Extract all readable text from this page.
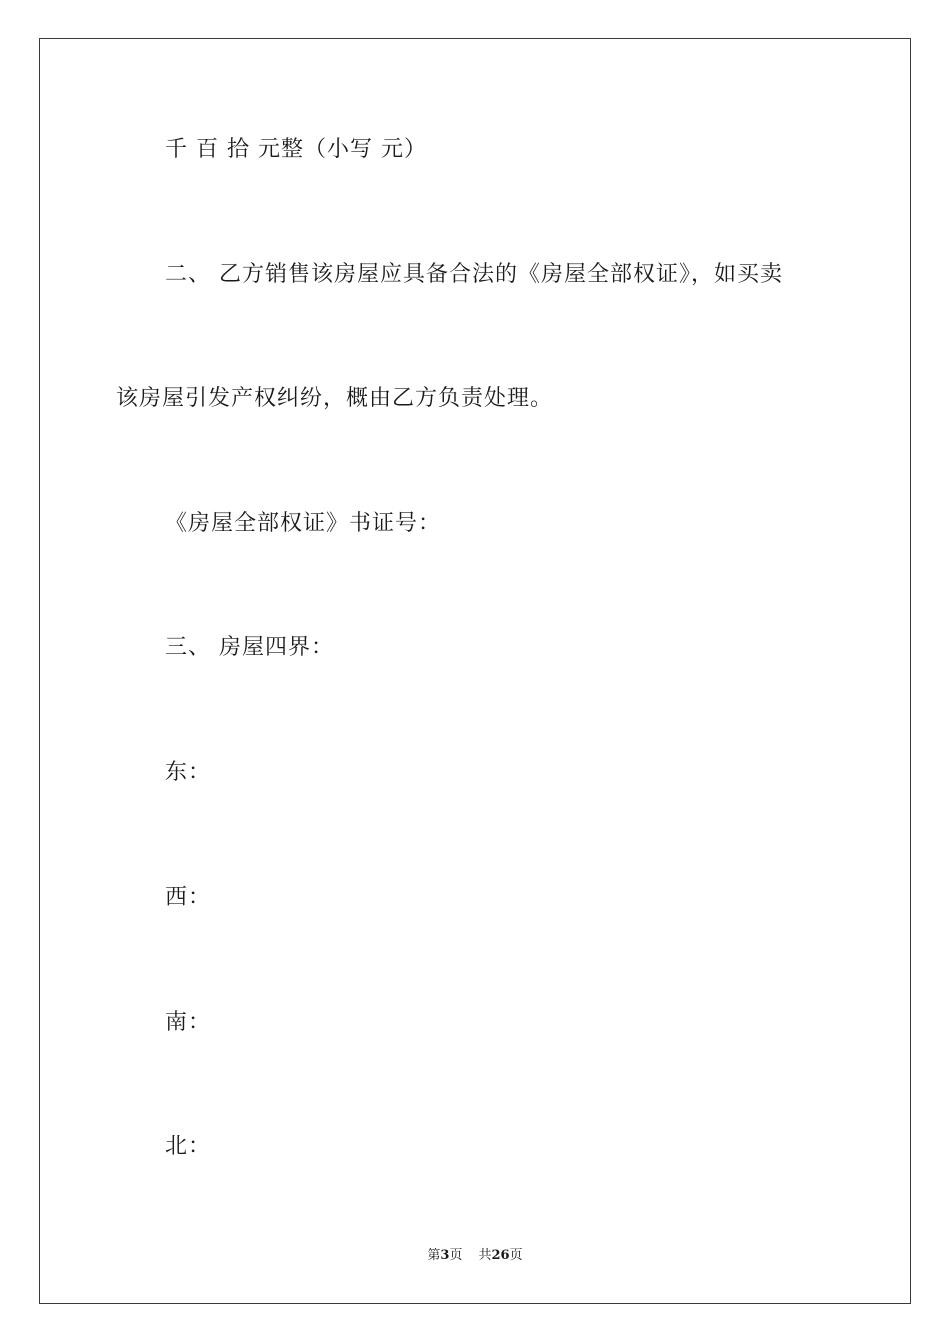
千 百 拾 元整（小写 元）
二、 乙方销售该房屋应具备合法的《房屋全部权证》，如买卖
该房屋引发产权纠纷，概由乙方负责处理。
《房屋全部权证》书证号：
三、 房屋四界：
东：
西：
南：
北：
第3页 共26页
